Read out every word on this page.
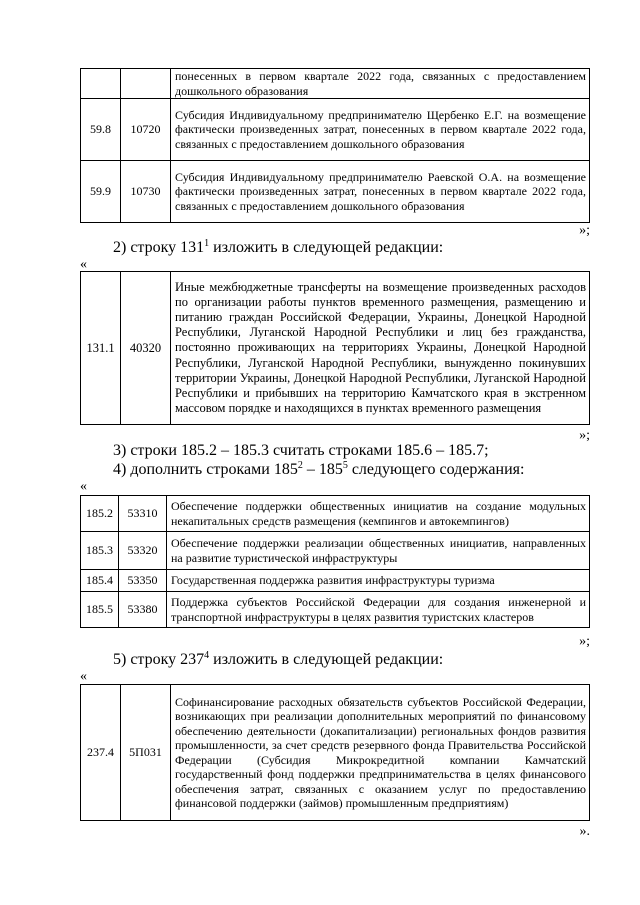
		понесенных в первом квартале 2022 года, связанных с предоставлением дошкольного образования
59.8	10720	Субсидия Индивидуальному предпринимателю Щербенко Е.Г. на возмещение фактически произведенных затрат, понесенных в первом квартале 2022 года, связанных с предоставлением дошкольного образования
59.9	10730	Субсидия Индивидуальному предпринимателю Раевской О.А. на возмещение фактически произведенных затрат, понесенных в первом квартале 2022 года, связанных с предоставлением дошкольного образования
»;
2) строку $131^1$ изложить в следующей редакции:
«
131.1	40320	Иные межбюджетные трансферты на возмещение произведенных расходов по организации работы пунктов временного размещения, размещению и питанию граждан Российской Федерации, Украины, Донецкой Народной Республики, Луганской Народной Республики и лиц без гражданства, постоянно проживающих на территориях Украины, Донецкой Народной Республики, Луганской Народной Республики, вынужденно покинувших территории Украины, Донецкой Народной Республики, Луганской Народной Республики и прибывших на территорию Камчатского края в экстренном массовом порядке и находящихся в пунктах временного размещения
»;
3) строки 185.2 – 185.3 считать строками 185.6 – 185.7;
4) дополнить строками $185^2 - 185^5$ следующего содержания:
«
185.2	53310	Обеспечение поддержки общественных инициатив на создание модульных некапитальных средств размещения (кемпингов и автокемпингов)
185.3	53320	Обеспечение поддержки реализации общественных инициатив, направленных на развитие туристической инфраструктуры
185.4	53350	Государственная поддержка развития инфраструктуры туризма
185.5	53380	Поддержка субъектов Российской Федерации для создания инженерной и транспортной инфраструктуры в целях развития туристских кластеров
»;
5) строку $237^4$ изложить в следующей редакции:
«
237.4	5П031	Софинансирование расходных обязательств субъектов Российской Федерации, возникающих при реализации дополнительных мероприятий по финансовому обеспечению деятельности (докапитализации) региональных фондов развития промышленности, за счет средств резервного фонда Правительства Российской Федерации (Субсидия Микрокредитной компании Камчатский государственный фонд поддержки предпринимательства в целях финансового обеспечения затрат, связанных с оказанием услуг по предоставлению финансовой поддержки (займов) промышленным предприятиям)
».
